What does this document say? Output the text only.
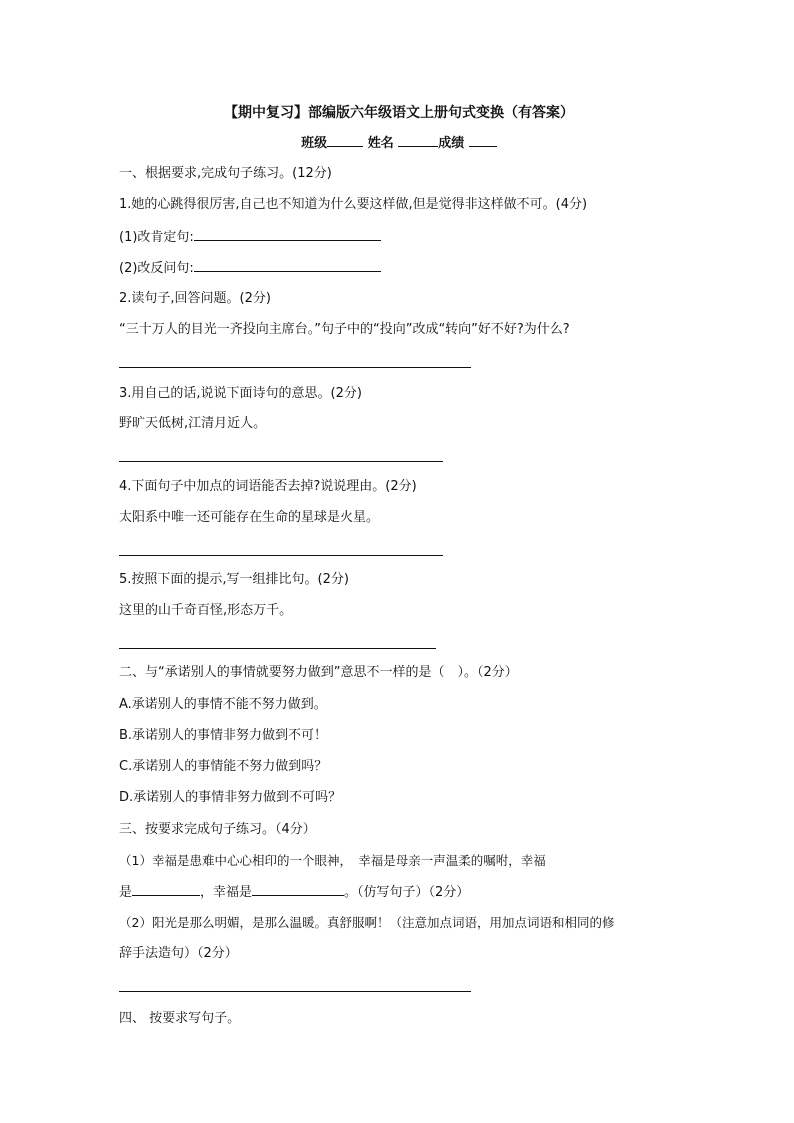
【期中复习】部编版六年级语文上册句式变换（有答案）
班级	姓名	成绩
一、根据要求,完成句子练习。(12分)
1.她的心跳得很厉害,自己也不知道为什么要这样做,但是觉得非这样做不可。(4分)
(1)改肯定句:
(2)改反问句:
2.读句子,回答问题。(2分)
“三十万人的目光一齐投向主席台。”句子中的“投向”改成“转向”好不好?为什么?
3.用自己的话,说说下面诗句的意思。(2分)
野旷天低树,江清月近人。
4.下面句子中加点的词语能否去掉?说说理由。(2分)
太阳系中唯一还可能存在生命的星球是火星。
5.按照下面的提示,写一组排比句。(2分)
这里的山千奇百怪,形态万千。
二、与“承诺别人的事情就要努力做到”意思不一样的是（　）。（2分）
A.承诺别人的事情不能不努力做到。
B.承诺别人的事情非努力做到不可！
C.承诺别人的事情能不努力做到吗？
D.承诺别人的事情非努力做到不可吗？
三、按要求完成句子练习。（4分）
（1）幸福是患难中心心相印的一个眼神，　幸福是母亲一声温柔的嘱咐，幸福
是	，幸福是	。（仿写句子）（2分）
（2）阳光是那么明媚，是那么温暖。真舒服啊！（注意加点词语，用加点词语和相同的修
辞手法造句）（2分）
四、 按要求写句子。
